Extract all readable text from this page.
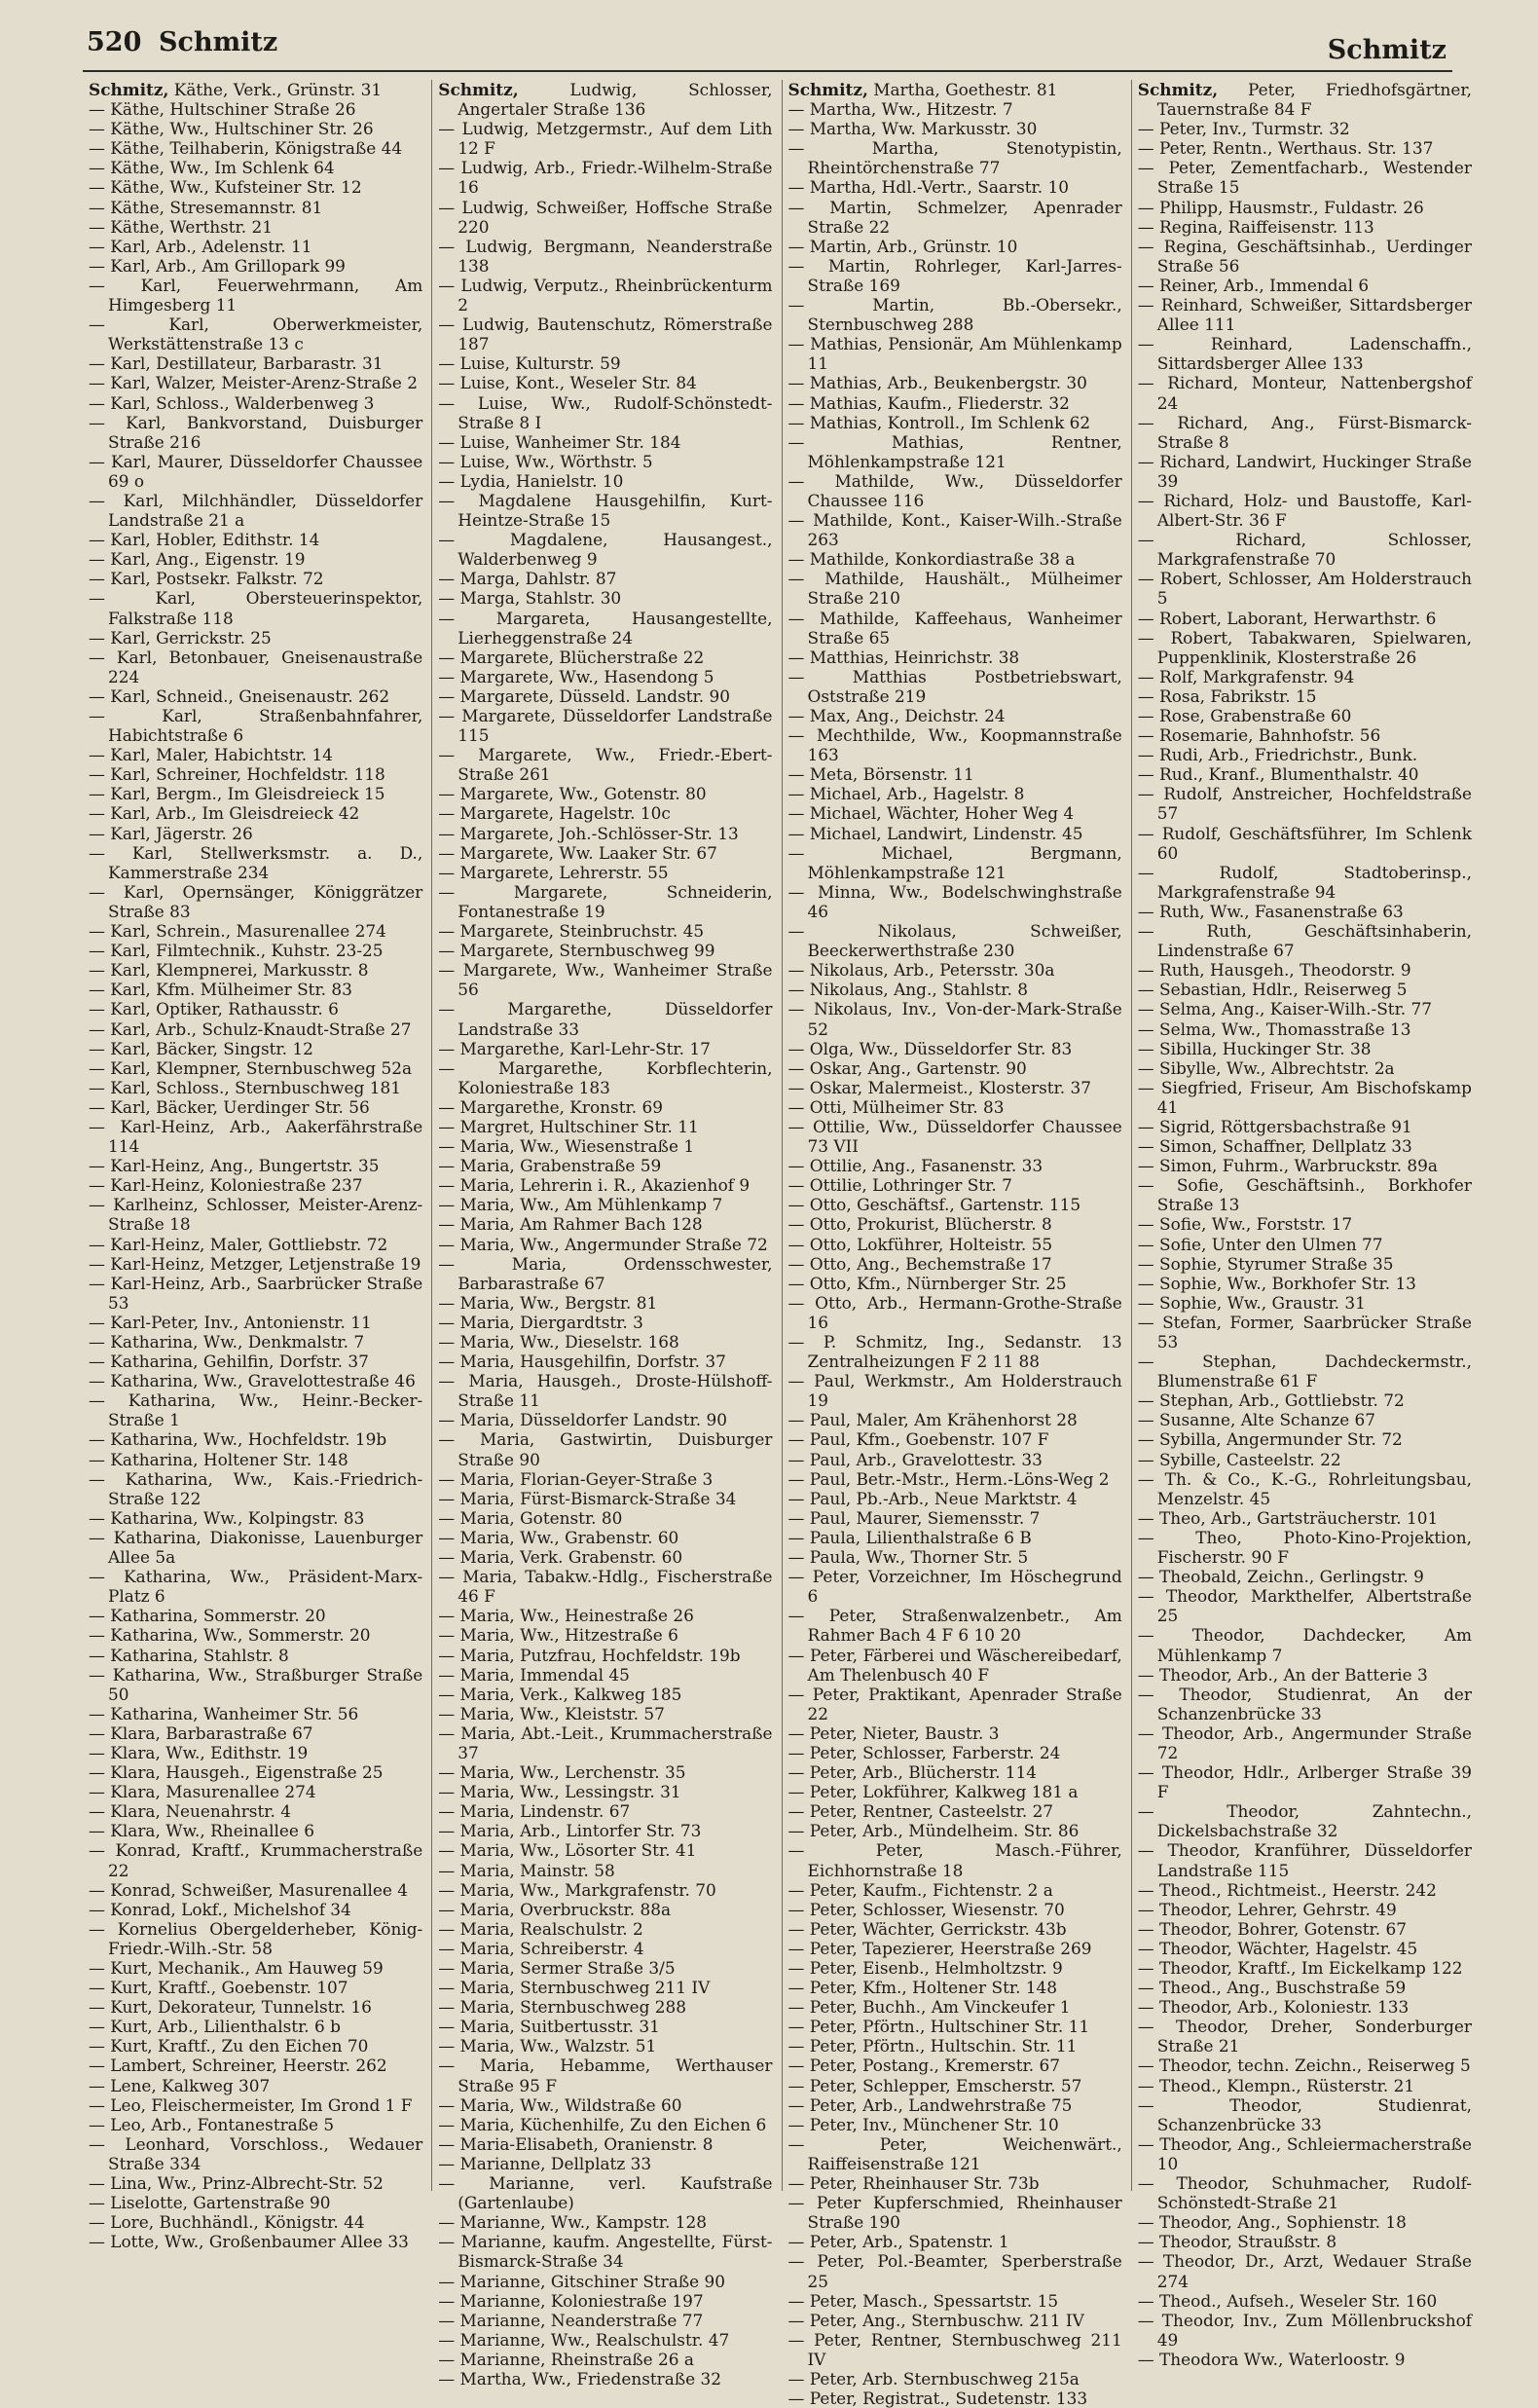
520 Schmitz	Schmitz

Schmitz, Käthe, Verk., Grünstr. 31

— Käthe, Hultschiner Straße 26

— Käthe, Ww., Hultschiner Str. 26

— Käthe, Teilhaberin, Königstraße 44

— Käthe, Ww., Im Schlenk 64

— Käthe, Ww., Kufsteiner Str. 12

— Käthe, Stresemannstr. 81

— Käthe, Werthstr. 21

— Karl, Arb., Adelenstr. 11

— Karl, Arb., Am Grillopark 99

— Karl, Feuerwehrmann, Am Himgesberg 11

— Karl, Oberwerkmeister, Werkstättenstraße 13 c

— Karl, Destillateur, Barbarastr. 31

— Karl, Walzer, Meister-Arenz-Straße 2

— Karl, Schloss., Walderbenweg 3

— Karl, Bankvorstand, Duisburger Straße 216

— Karl, Maurer, Düsseldorfer Chaussee 69 o

— Karl, Milchhändler, Düsseldorfer Landstraße 21 a

— Karl, Hobler, Edithstr. 14

— Karl, Ang., Eigenstr. 19

— Karl, Postsekr. Falkstr. 72

— Karl, Obersteuerinspektor, Falkstraße 118

— Karl, Gerrickstr. 25

— Karl, Betonbauer, Gneisenaustraße 224

— Karl, Schneid., Gneisenaustr. 262

— Karl, Straßenbahnfahrer, Habichtstraße 6

— Karl, Maler, Habichtstr. 14

— Karl, Schreiner, Hochfeldstr. 118

— Karl, Bergm., Im Gleisdreieck 15

— Karl, Arb., Im Gleisdreieck 42

— Karl, Jägerstr. 26

— Karl, Stellwerksmstr. a. D., Kammerstraße 234

— Karl, Opernsänger, Königgrätzer Straße 83

— Karl, Schrein., Masurenallee 274

— Karl, Filmtechnik., Kuhstr. 23-25

— Karl, Klempnerei, Markusstr. 8

— Karl, Kfm. Mülheimer Str. 83

— Karl, Optiker, Rathausstr. 6

— Karl, Arb., Schulz-Knaudt-Straße 27

— Karl, Bäcker, Singstr. 12

— Karl, Klempner, Sternbuschweg 52a

— Karl, Schloss., Sternbuschweg 181

— Karl, Bäcker, Uerdinger Str. 56

— Karl-Heinz, Arb., Aakerfährstraße 114

— Karl-Heinz, Ang., Bungertstr. 35

— Karl-Heinz, Koloniestraße 237

— Karlheinz, Schlosser, Meister-Arenz-Straße 18

— Karl-Heinz, Maler, Gottliebstr. 72

— Karl-Heinz, Metzger, Letjenstraße 19

— Karl-Heinz, Arb., Saarbrücker Straße 53

— Karl-Peter, Inv., Antonienstr. 11

— Katharina, Ww., Denkmalstr. 7

— Katharina, Gehilfin, Dorfstr. 37

— Katharina, Ww., Gravelottestraße 46

— Katharina, Ww., Heinr.-Becker-Straße 1

— Katharina, Ww., Hochfeldstr. 19b

— Katharina, Holtener Str. 148

— Katharina, Ww., Kais.-Friedrich-Straße 122

— Katharina, Ww., Kolpingstr. 83

— Katharina, Diakonisse, Lauenburger Allee 5a

— Katharina, Ww., Präsident-Marx-Platz 6

— Katharina, Sommerstr. 20

— Katharina, Ww., Sommerstr. 20

— Katharina, Stahlstr. 8

— Katharina, Ww., Straßburger Straße 50

— Katharina, Wanheimer Str. 56

— Klara, Barbarastraße 67

— Klara, Ww., Edithstr. 19

— Klara, Hausgeh., Eigenstraße 25

— Klara, Masurenallee 274

— Klara, Neuenahrstr. 4

— Klara, Ww., Rheinallee 6

— Konrad, Kraftf., Krummacherstraße 22

— Konrad, Schweißer, Masurenallee 4

— Konrad, Lokf., Michelshof 34

— Kornelius Obergelderheber, König-Friedr.-Wilh.-Str. 58

— Kurt, Mechanik., Am Hauweg 59

— Kurt, Kraftf., Goebenstr. 107

— Kurt, Dekorateur, Tunnelstr. 16

— Kurt, Arb., Lilienthalstr. 6 b

— Kurt, Kraftf., Zu den Eichen 70

— Lambert, Schreiner, Heerstr. 262

— Lene, Kalkweg 307

— Leo, Fleischermeister, Im Grond 1 F

— Leo, Arb., Fontanestraße 5

— Leonhard, Vorschloss., Wedauer Straße 334

— Lina, Ww., Prinz-Albrecht-Str. 52

— Liselotte, Gartenstraße 90

— Lore, Buchhändl., Königstr. 44

— Lotte, Ww., Großenbaumer Allee 33

Schmitz, Ludwig, Schlosser, Angertaler Straße 136

— Ludwig, Metzgermstr., Auf dem Lith 12 F

— Ludwig, Arb., Friedr.-Wilhelm-Straße 16

— Ludwig, Schweißer, Hoffsche Straße 220

— Ludwig, Bergmann, Neanderstraße 138

— Ludwig, Verputz., Rheinbrückenturm 2

— Ludwig, Bautenschutz, Römerstraße 187

— Luise, Kulturstr. 59

— Luise, Kont., Weseler Str. 84

— Luise, Ww., Rudolf-Schönstedt-Straße 8 I

— Luise, Wanheimer Str. 184

— Luise, Ww., Wörthstr. 5

— Lydia, Hanielstr. 10

— Magdalene Hausgehilfin, Kurt-Heintze-Straße 15

— Magdalene, Hausangest., Walderbenweg 9

— Marga, Dahlstr. 87

— Marga, Stahlstr. 30

— Margareta, Hausangestellte, Lierheggenstraße 24

— Margarete, Blücherstraße 22

— Margarete, Ww., Hasendong 5

— Margarete, Düsseld. Landstr. 90

— Margarete, Düsseldorfer Landstraße 115

— Margarete, Ww., Friedr.-Ebert-Straße 261

— Margarete, Ww., Gotenstr. 80

— Margarete, Hagelstr. 10c

— Margarete, Joh.-Schlösser-Str. 13

— Margarete, Ww. Laaker Str. 67

— Margarete, Lehrerstr. 55

— Margarete, Schneiderin, Fontanestraße 19

— Margarete, Steinbruchstr. 45

— Margarete, Sternbuschweg 99

— Margarete, Ww., Wanheimer Straße 56

— Margarethe, Düsseldorfer Landstraße 33

— Margarethe, Karl-Lehr-Str. 17

— Margarethe, Korbflechterin, Koloniestraße 183

— Margarethe, Kronstr. 69

— Margret, Hultschiner Str. 11

— Maria, Ww., Wiesenstraße 1

— Maria, Grabenstraße 59

— Maria, Lehrerin i. R., Akazienhof 9

— Maria, Ww., Am Mühlenkamp 7

— Maria, Am Rahmer Bach 128

— Maria, Ww., Angermunder Straße 72

— Maria, Ordensschwester, Barbarastraße 67

— Maria, Ww., Bergstr. 81

— Maria, Diergardtstr. 3

— Maria, Ww., Dieselstr. 168

— Maria, Hausgehilfin, Dorfstr. 37

— Maria, Hausgeh., Droste-Hülshoff-Straße 11

— Maria, Düsseldorfer Landstr. 90

— Maria, Gastwirtin, Duisburger Straße 90

— Maria, Florian-Geyer-Straße 3

— Maria, Fürst-Bismarck-Straße 34

— Maria, Gotenstr. 80

— Maria, Ww., Grabenstr. 60

— Maria, Verk. Grabenstr. 60

— Maria, Tabakw.-Hdlg., Fischerstraße 46 F

— Maria, Ww., Heinestraße 26

— Maria, Ww., Hitzestraße 6

— Maria, Putzfrau, Hochfeldstr. 19b

— Maria, Immendal 45

— Maria, Verk., Kalkweg 185

— Maria, Ww., Kleiststr. 57

— Maria, Abt.-Leit., Krummacherstraße 37

— Maria, Ww., Lerchenstr. 35

— Maria, Ww., Lessingstr. 31

— Maria, Lindenstr. 67

— Maria, Arb., Lintorfer Str. 73

— Maria, Ww., Lösorter Str. 41

— Maria, Mainstr. 58

— Maria, Ww., Markgrafenstr. 70

— Maria, Overbruckstr. 88a

— Maria, Realschulstr. 2

— Maria, Schreiberstr. 4

— Maria, Sermer Straße 3/5

— Maria, Sternbuschweg 211 IV

— Maria, Sternbuschweg 288

— Maria, Suitbertusstr. 31

— Maria, Ww., Walzstr. 51

— Maria, Hebamme, Werthauser Straße 95 F

— Maria, Ww., Wildstraße 60

— Maria, Küchenhilfe, Zu den Eichen 6

— Maria-Elisabeth, Oranienstr. 8

— Marianne, Dellplatz 33

— Marianne, verl. Kaufstraße (Gartenlaube)

— Marianne, Ww., Kampstr. 128

— Marianne, kaufm. Angestellte, Fürst-Bismarck-Straße 34

— Marianne, Gitschiner Straße 90

— Marianne, Koloniestraße 197

— Marianne, Neanderstraße 77

— Marianne, Ww., Realschulstr. 47

— Marianne, Rheinstraße 26 a

— Martha, Ww., Friedenstraße 32

Schmitz, Martha, Goethestr. 81

— Martha, Ww., Hitzestr. 7

— Martha, Ww. Markusstr. 30

— Martha, Stenotypistin, Rheintörchenstraße 77

— Martha, Hdl.-Vertr., Saarstr. 10

— Martin, Schmelzer, Apenrader Straße 22

— Martin, Arb., Grünstr. 10

— Martin, Rohrleger, Karl-Jarres-Straße 169

— Martin, Bb.-Obersekr., Sternbuschweg 288

— Mathias, Pensionär, Am Mühlenkamp 11

— Mathias, Arb., Beukenbergstr. 30

— Mathias, Kaufm., Fliederstr. 32

— Mathias, Kontroll., Im Schlenk 62

— Mathias, Rentner, Möhlenkampstraße 121

— Mathilde, Ww., Düsseldorfer Chaussee 116

— Mathilde, Kont., Kaiser-Wilh.-Straße 263

— Mathilde, Konkordiastraße 38 a

— Mathilde, Haushält., Mülheimer Straße 210

— Mathilde, Kaffeehaus, Wanheimer Straße 65

— Matthias, Heinrichstr. 38

— Matthias Postbetriebswart, Oststraße 219

— Max, Ang., Deichstr. 24

— Mechthilde, Ww., Koopmannstraße 163

— Meta, Börsenstr. 11

— Michael, Arb., Hagelstr. 8

— Michael, Wächter, Hoher Weg 4

— Michael, Landwirt, Lindenstr. 45

— Michael, Bergmann, Möhlenkampstraße 121

— Minna, Ww., Bodelschwinghstraße 46

— Nikolaus, Schweißer, Beeckerwerthstraße 230

— Nikolaus, Arb., Petersstr. 30a

— Nikolaus, Ang., Stahlstr. 8

— Nikolaus, Inv., Von-der-Mark-Straße 52

— Olga, Ww., Düsseldorfer Str. 83

— Oskar, Ang., Gartenstr. 90

— Oskar, Malermeist., Klosterstr. 37

— Otti, Mülheimer Str. 83

— Ottilie, Ww., Düsseldorfer Chaussee 73 VII

— Ottilie, Ang., Fasanenstr. 33

— Ottilie, Lothringer Str. 7

— Otto, Geschäftsf., Gartenstr. 115

— Otto, Prokurist, Blücherstr. 8

— Otto, Lokführer, Holteistr. 55

— Otto, Ang., Bechemstraße 17

— Otto, Kfm., Nürnberger Str. 25

— Otto, Arb., Hermann-Grothe-Straße 16

— P. Schmitz, Ing., Sedanstr. 13 Zentralheizungen F 2 11 88

— Paul, Werkmstr., Am Holderstrauch 19

— Paul, Maler, Am Krähenhorst 28

— Paul, Kfm., Goebenstr. 107 F

— Paul, Arb., Gravelottestr. 33

— Paul, Betr.-Mstr., Herm.-Löns-Weg 2

— Paul, Pb.-Arb., Neue Marktstr. 4

— Paul, Maurer, Siemensstr. 7

— Paula, Lilienthalstraße 6 B

— Paula, Ww., Thorner Str. 5

— Peter, Vorzeichner, Im Höschegrund 6

— Peter, Straßenwalzenbetr., Am Rahmer Bach 4 F 6 10 20

— Peter, Färberei und Wäschereibedarf, Am Thelenbusch 40 F

— Peter, Praktikant, Apenrader Straße 22

— Peter, Nieter, Baustr. 3

— Peter, Schlosser, Farberstr. 24

— Peter, Arb., Blücherstr. 114

— Peter, Lokführer, Kalkweg 181 a

— Peter, Rentner, Casteelstr. 27

— Peter, Arb., Mündelheim. Str. 86

— Peter, Masch.-Führer, Eichhornstraße 18

— Peter, Kaufm., Fichtenstr. 2 a

— Peter, Schlosser, Wiesenstr. 70

— Peter, Wächter, Gerrickstr. 43b

— Peter, Tapezierer, Heerstraße 269

— Peter, Eisenb., Helmholtzstr. 9

— Peter, Kfm., Holtener Str. 148

— Peter, Buchh., Am Vinckeufer 1

— Peter, Pförtn., Hultschiner Str. 11

— Peter, Pförtn., Hultschin. Str. 11

— Peter, Postang., Kremerstr. 67

— Peter, Schlepper, Emscherstr. 57

— Peter, Arb., Landwehrstraße 75

— Peter, Inv., Münchener Str. 10

— Peter, Weichenwärt., Raiffeisenstraße 121

— Peter, Rheinhauser Str. 73b

— Peter Kupferschmied, Rheinhauser Straße 190

— Peter, Arb., Spatenstr. 1

— Peter, Pol.-Beamter, Sperberstraße 25

— Peter, Masch., Spessartstr. 15

— Peter, Ang., Sternbuschw. 211 IV

— Peter, Rentner, Sternbuschweg 211 IV

— Peter, Arb. Sternbuschweg 215a

— Peter, Registrat., Sudetenstr. 133

Schmitz, Peter, Friedhofsgärtner, Tauernstraße 84 F

— Peter, Inv., Turmstr. 32

— Peter, Rentn., Werthaus. Str. 137

— Peter, Zementfacharb., Westender Straße 15

— Philipp, Hausmstr., Fuldastr. 26

— Regina, Raiffeisenstr. 113

— Regina, Geschäftsinhab., Uerdinger Straße 56

— Reiner, Arb., Immendal 6

— Reinhard, Schweißer, Sittardsberger Allee 111

— Reinhard, Ladenschaffn., Sittardsberger Allee 133

— Richard, Monteur, Nattenbergshof 24

— Richard, Ang., Fürst-Bismarck-Straße 8

— Richard, Landwirt, Huckinger Straße 39

— Richard, Holz- und Baustoffe, Karl-Albert-Str. 36 F

— Richard, Schlosser, Markgrafenstraße 70

— Robert, Schlosser, Am Holderstrauch 5

— Robert, Laborant, Herwarthstr. 6

— Robert, Tabakwaren, Spielwaren, Puppenklinik, Klosterstraße 26

— Rolf, Markgrafenstr. 94

— Rosa, Fabrikstr. 15

— Rose, Grabenstraße 60

— Rosemarie, Bahnhofstr. 56

— Rudi, Arb., Friedrichstr., Bunk.

— Rud., Kranf., Blumenthalstr. 40

— Rudolf, Anstreicher, Hochfeldstraße 57

— Rudolf, Geschäftsführer, Im Schlenk 60

— Rudolf, Stadtoberinsp., Markgrafenstraße 94

— Ruth, Ww., Fasanenstraße 63

— Ruth, Geschäftsinhaberin, Lindenstraße 67

— Ruth, Hausgeh., Theodorstr. 9

— Sebastian, Hdlr., Reiserweg 5

— Selma, Ang., Kaiser-Wilh.-Str. 77

— Selma, Ww., Thomasstraße 13

— Sibilla, Huckinger Str. 38

— Sibylle, Ww., Albrechtstr. 2a

— Siegfried, Friseur, Am Bischofskamp 41

— Sigrid, Röttgersbachstraße 91

— Simon, Schaffner, Dellplatz 33

— Simon, Fuhrm., Warbruckstr. 89a

— Sofie, Geschäftsinh., Borkhofer Straße 13

— Sofie, Ww., Forststr. 17

— Sofie, Unter den Ulmen 77

— Sophie, Styrumer Straße 35

— Sophie, Ww., Borkhofer Str. 13

— Sophie, Ww., Graustr. 31

— Stefan, Former, Saarbrücker Straße 53

— Stephan, Dachdeckermstr., Blumenstraße 61 F

— Stephan, Arb., Gottliebstr. 72

— Susanne, Alte Schanze 67

— Sybilla, Angermunder Str. 72

— Sybille, Casteelstr. 22

— Th. & Co., K.-G., Rohrleitungsbau, Menzelstr. 45

— Theo, Arb., Gartsträucherstr. 101

— Theo, Photo-Kino-Projektion, Fischerstr. 90 F

— Theobald, Zeichn., Gerlingstr. 9

— Theodor, Markthelfer, Albertstraße 25

— Theodor, Dachdecker, Am Mühlenkamp 7

— Theodor, Arb., An der Batterie 3

— Theodor, Studienrat, An der Schanzenbrücke 33

— Theodor, Arb., Angermunder Straße 72

— Theodor, Hdlr., Arlberger Straße 39 F

— Theodor, Zahntechn., Dickelsbachstraße 32

— Theodor, Kranführer, Düsseldorfer Landstraße 115

— Theod., Richtmeist., Heerstr. 242

— Theodor, Lehrer, Gehrstr. 49

— Theodor, Bohrer, Gotenstr. 67

— Theodor, Wächter, Hagelstr. 45

— Theodor, Kraftf., Im Eickelkamp 122

— Theod., Ang., Buschstraße 59

— Theodor, Arb., Koloniestr. 133

— Theodor, Dreher, Sonderburger Straße 21

— Theodor, techn. Zeichn., Reiserweg 5

— Theod., Klempn., Rüsterstr. 21

— Theodor, Studienrat, Schanzenbrücke 33

— Theodor, Ang., Schleiermacherstraße 10

— Theodor, Schuhmacher, Rudolf-Schönstedt-Straße 21

— Theodor, Ang., Sophienstr. 18

— Theodor, Straußstr. 8

— Theodor, Dr., Arzt, Wedauer Straße 274

— Theod., Aufseh., Weseler Str. 160

— Theodor, Inv., Zum Möllenbruckshof 49

— Theodora Ww., Waterloostr. 9
